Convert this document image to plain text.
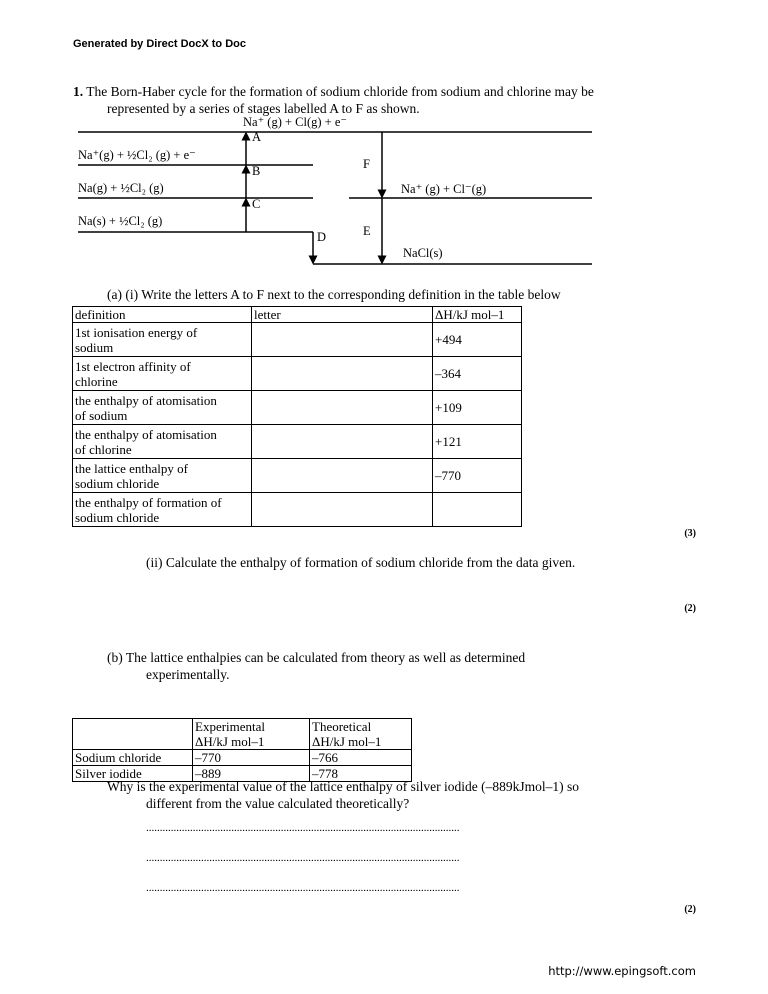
Generated by Direct DocX to Doc
1. The Born-Haber cycle for the formation of sodium chloride from sodium and chlorine may be
represented by a series of stages labelled A to F as shown.
Na⁺ (g) + Cl(g) + e⁻
Na⁺(g) + ½Cl₂ (g) + e⁻
Na(g) + ½Cl₂ (g)
Na(s) + ½Cl₂ (g)
Na⁺ (g) + Cl⁻(g)
NaCl(s)
A
B
C
D	E
F
(a) (i) Write the letters A to F next to the corresponding definition in the table below
definition	letter	ΔH/kJ mol–1
1st ionisation energy of
sodium		+494
1st electron affinity of
chlorine		–364
the enthalpy of atomisation
of sodium		+109
the enthalpy of atomisation
of chlorine		+121
the lattice enthalpy of
sodium chloride		–770
the enthalpy of formation of
sodium chloride		
(3)
(ii) Calculate the enthalpy of formation of sodium chloride from the data given.
(2)
(b) The lattice enthalpies can be calculated from theory as well as determined
experimentally.
	Experimental
ΔH/kJ mol–1	Theoretical
ΔH/kJ mol–1
Sodium chloride	–770	–766
Silver iodide	–889	–778
Why is the experimental value of the lattice enthalpy of silver iodide (–889kJmol–1) so
different from the value calculated theoretically?
..................................................................................................................
..................................................................................................................
..................................................................................................................
(2)
http://www.epingsoft.com
